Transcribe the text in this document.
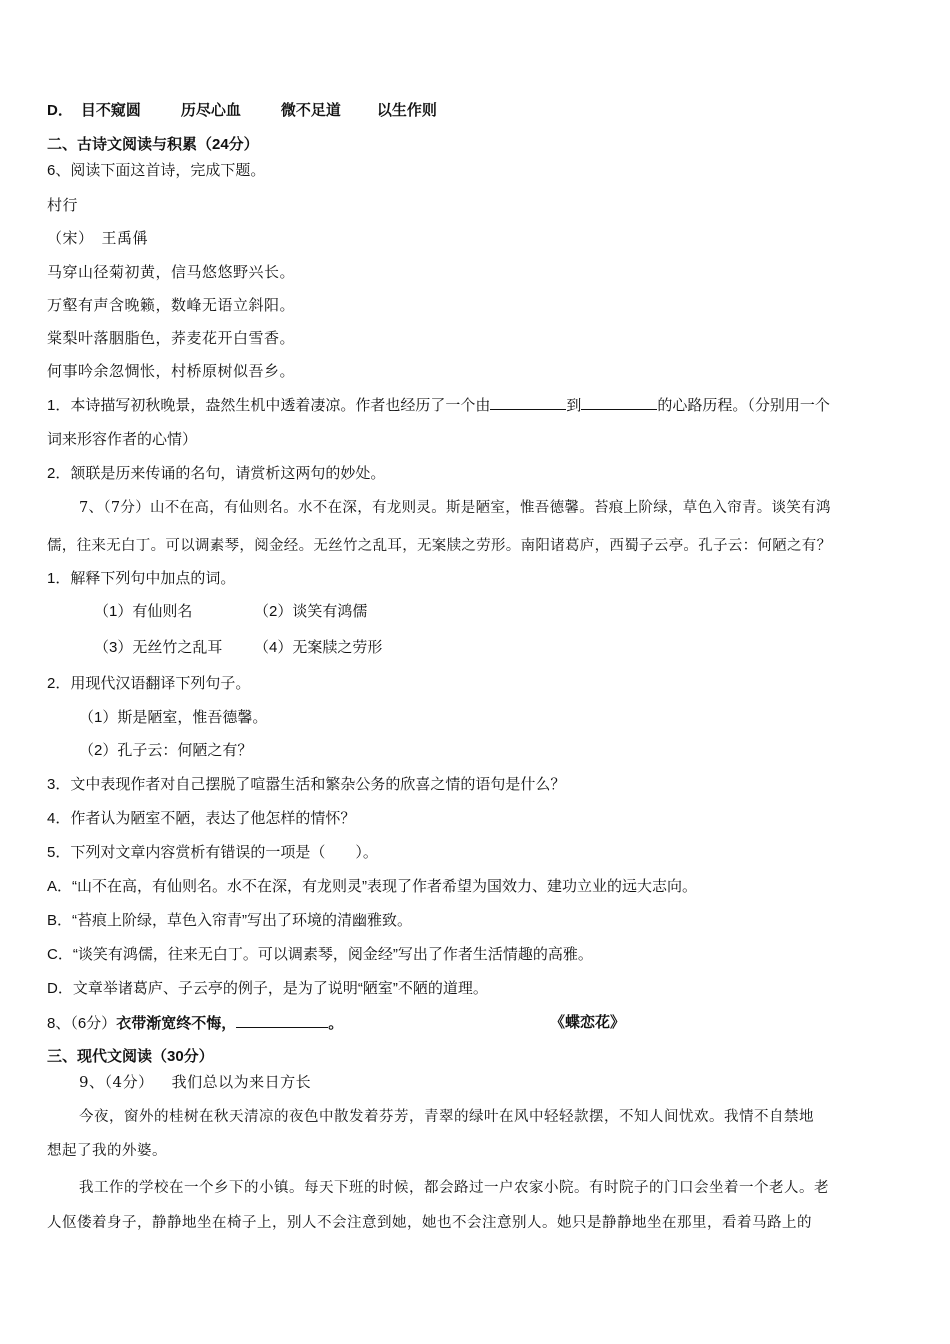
D． 目不窥圆	历尽心血	微不足道 以生作则
二、古诗文阅读与积累（24分）
6、阅读下面这首诗，完成下题。
村行
（宋）　王禹偁
马穿山径菊初黄，信马悠悠野兴长。
万壑有声含晚籁，数峰无语立斜阳。
棠梨叶落胭脂色，荞麦花开白雪香。
何事吟余忽惆怅，村桥原树似吾乡。
1．本诗描写初秋晚景，盎然生机中透着凄凉。作者也经历了一个由	到	的心路历程。（分别用一个
词来形容作者的心情）
2．颔联是历来传诵的名句，请赏析这两句的妙处。
7、（7分）山不在高，有仙则名。水不在深，有龙则灵。斯是陋室，惟吾德馨。苔痕上阶绿，草色入帘青。谈笑有鸿
儒，往来无白丁。可以调素琴，阅金经。无丝竹之乱耳，无案牍之劳形。南阳诸葛庐，西蜀子云亭。孔子云：何陋之有？
1．解释下列句中加点的词。
（1）有仙则名	（2）谈笑有鸿儒
（3）无丝竹之乱耳 （4）无案牍之劳形
2．用现代汉语翻译下列句子。
（1）斯是陋室，惟吾德馨。
（2）孔子云：何陋之有？
3．文中表现作者对自己摆脱了喧嚣生活和繁杂公务的欣喜之情的语句是什么？
4．作者认为陋室不陋，表达了他怎样的情怀？
5．下列对文章内容赏析有错误的一项是（　　）。
A．“山不在高，有仙则名。水不在深，有龙则灵”表现了作者希望为国效力、建功立业的远大志向。
B．“苔痕上阶绿，草色入帘青”写出了环境的清幽雅致。
C．“谈笑有鸿儒，往来无白丁。可以调素琴，阅金经”写出了作者生活情趣的高雅。
D．文章举诸葛庐、子云亭的例子，是为了说明“陋室”不陋的道理。
8、（6分）衣带渐宽终不悔，	。	《蝶恋花》
三、现代文阅读（30分）
9、（4分） 我们总以为来日方长
今夜，窗外的桂树在秋天清凉的夜色中散发着芬芳，青翠的绿叶在风中轻轻款摆，不知人间忧欢。我情不自禁地
想起了我的外婆。
我工作的学校在一个乡下的小镇。每天下班的时候，都会路过一户农家小院。有时院子的门口会坐着一个老人。老
人伛偻着身子，静静地坐在椅子上，别人不会注意到她，她也不会注意别人。她只是静静地坐在那里，看着马路上的
